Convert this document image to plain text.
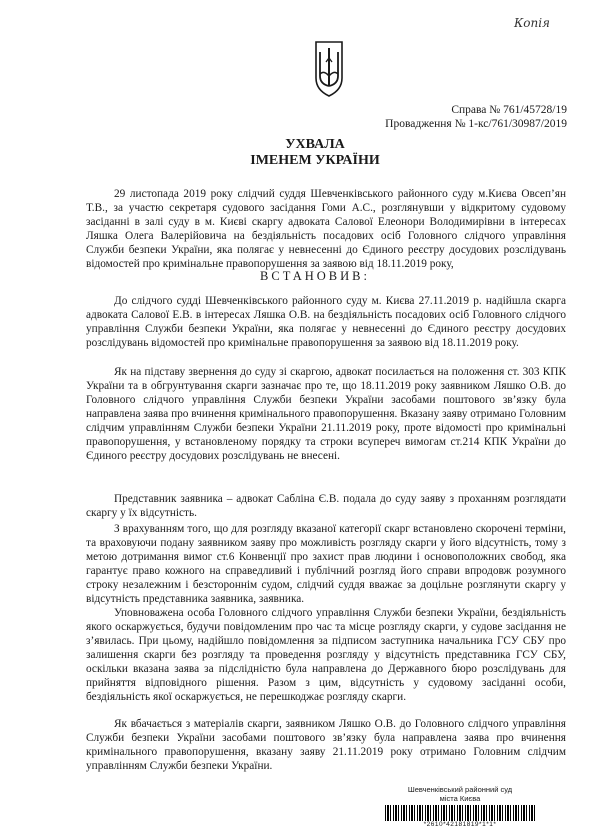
Копія
Справа № 761/45728/19
Провадження № 1-кс/761/30987/2019
УХВАЛА
ІМЕНЕМ УКРАЇНИ

29 листопада 2019 року слідчий суддя Шевченківського районного суду м.Києва Овсеп’ян Т.В., за участю секретаря судового засідання Гоми А.С., розглянувши у відкритому судовому засіданні в залі суду в м. Києві скаргу адвоката Салової Елеонори Володимирівни в інтересах Ляшка Олега Валерійовича на бездіяльність посадових осіб Головного слідчого управління Служби безпеки України, яка полягає у невнесенні до Єдиного реєстру досудових розслідувань відомостей про кримінальне правопорушення за заявою від 18.11.2019 року,

ВСТАНОВИВ:

До слідчого судді Шевченківського районного суду м. Києва 27.11.2019 р. надійшла скарга адвоката Салової Е.В. в інтересах Ляшка О.В. на бездіяльність посадових осіб Головного слідчого управління Служби безпеки України, яка полягає у невнесенні до Єдиного реєстру досудових розслідувань відомостей про кримінальне правопорушення за заявою від 18.11.2019 року.

Як на підставу звернення до суду зі скаргою, адвокат посилається на положення ст. 303 КПК України та в обгрунтування скарги зазначає про те, що 18.11.2019 року заявником Ляшко О.В. до Головного слідчого управління Служби безпеки України засобами поштового зв’язку була направлена заява про вчинення кримінального правопорушення. Вказану заяву отримано Головним слідчим управлінням Служби безпеки України 21.11.2019 року, проте відомості про кримінальні правопорушення, у встановленому порядку та строки всупереч вимогам ст.214 КПК України до Єдиного реєстру досудових розслідувань не внесені.

Представник заявника – адвокат Сабліна Є.В. подала до суду заяву з проханням розглядати скаргу у їх відсутність.

З врахуванням того, що для розгляду вказаної категорії скарг встановлено скорочені терміни, та враховуючи подану заявником заяву про можливість розгляду скарги у його відсутність, тому з метою дотримання вимог ст.6 Конвенції про захист прав людини і основоположних свобод, яка гарантує право кожного на справедливий і публічний розгляд його справи впродовж розумного строку незалежним і безстороннім судом, слідчий суддя вважає за доцільне розглянути скаргу у відсутність представника заявника, заявника.

Уповноважена особа Головного слідчого управління Служби безпеки України, бездіяльність якого оскаржується, будучи повідомленим про час та місце розгляду скарги, у судове засідання не з’явилась. При цьому, надійшло повідомлення за підписом заступника начальника ГСУ СБУ про залишення скарги без розгляду та проведення розгляду у відсутність представника ГСУ СБУ, оскільки вказана заява за підслідністю була направлена до Державного бюро розслідувань для прийняття відповідного рішення. Разом з цим, відсутність у судовому засіданні особи, бездіяльність якої оскаржується, не перешкоджає розгляду скарги.

Як вбачається з матеріалів скарги, заявником Ляшко О.В. до Головного слідчого управління Служби безпеки України засобами поштового зв’язку була направлена заява про вчинення кримінального правопорушення, вказану заяву 21.11.2019 року отримано Головним слідчим управлінням Служби безпеки України.

Шевченківський районний суд
міста Києва
*2610*42181819*1*1*
